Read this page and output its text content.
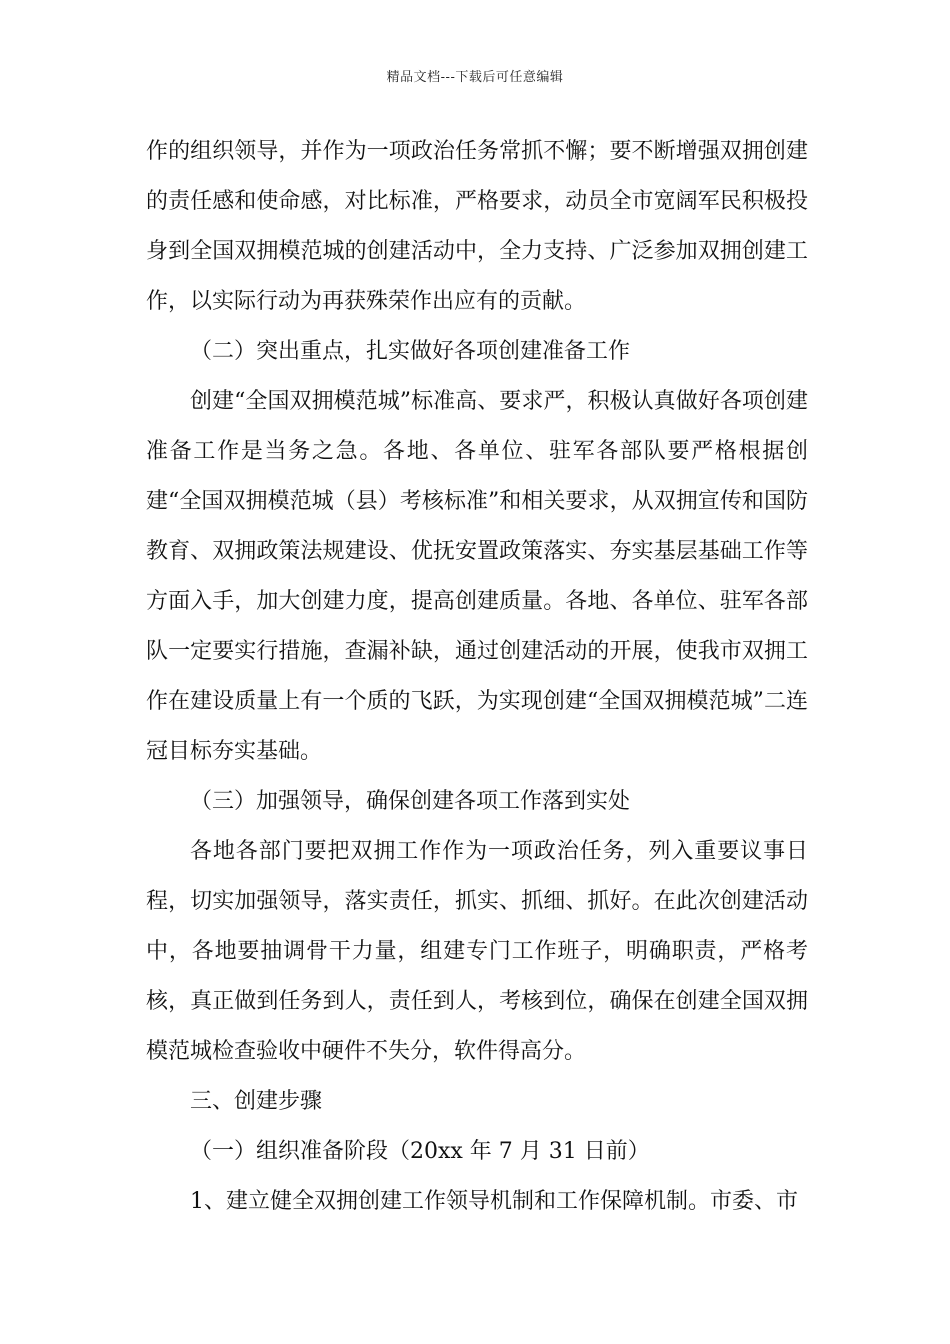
精品文档---下载后可任意编辑

作的组织领导，并作为一项政治任务常抓不懈；要不断增强双拥创建的责任感和使命感，对比标准，严格要求，动员全市宽阔军民积极投身到全国双拥模范城的创建活动中，全力支持、广泛参加双拥创建工作，以实际行动为再获殊荣作出应有的贡献。

（二）突出重点，扎实做好各项创建准备工作

创建“全国双拥模范城”标准高、要求严，积极认真做好各项创建准备工作是当务之急。各地、各单位、驻军各部队要严格根据创建“全国双拥模范城（县）考核标准”和相关要求，从双拥宣传和国防教育、双拥政策法规建设、优抚安置政策落实、夯实基层基础工作等方面入手，加大创建力度，提高创建质量。各地、各单位、驻军各部队一定要实行措施，查漏补缺，通过创建活动的开展，使我市双拥工作在建设质量上有一个质的飞跃，为实现创建“全国双拥模范城”二连冠目标夯实基础。

（三）加强领导，确保创建各项工作落到实处

各地各部门要把双拥工作作为一项政治任务，列入重要议事日程，切实加强领导，落实责任，抓实、抓细、抓好。在此次创建活动中，各地要抽调骨干力量，组建专门工作班子，明确职责，严格考核，真正做到任务到人，责任到人，考核到位，确保在创建全国双拥模范城检查验收中硬件不失分，软件得高分。

三、创建步骤

（一）组织准备阶段（20xx 年 7 月 31 日前）

1、建立健全双拥创建工作领导机制和工作保障机制。市委、市
